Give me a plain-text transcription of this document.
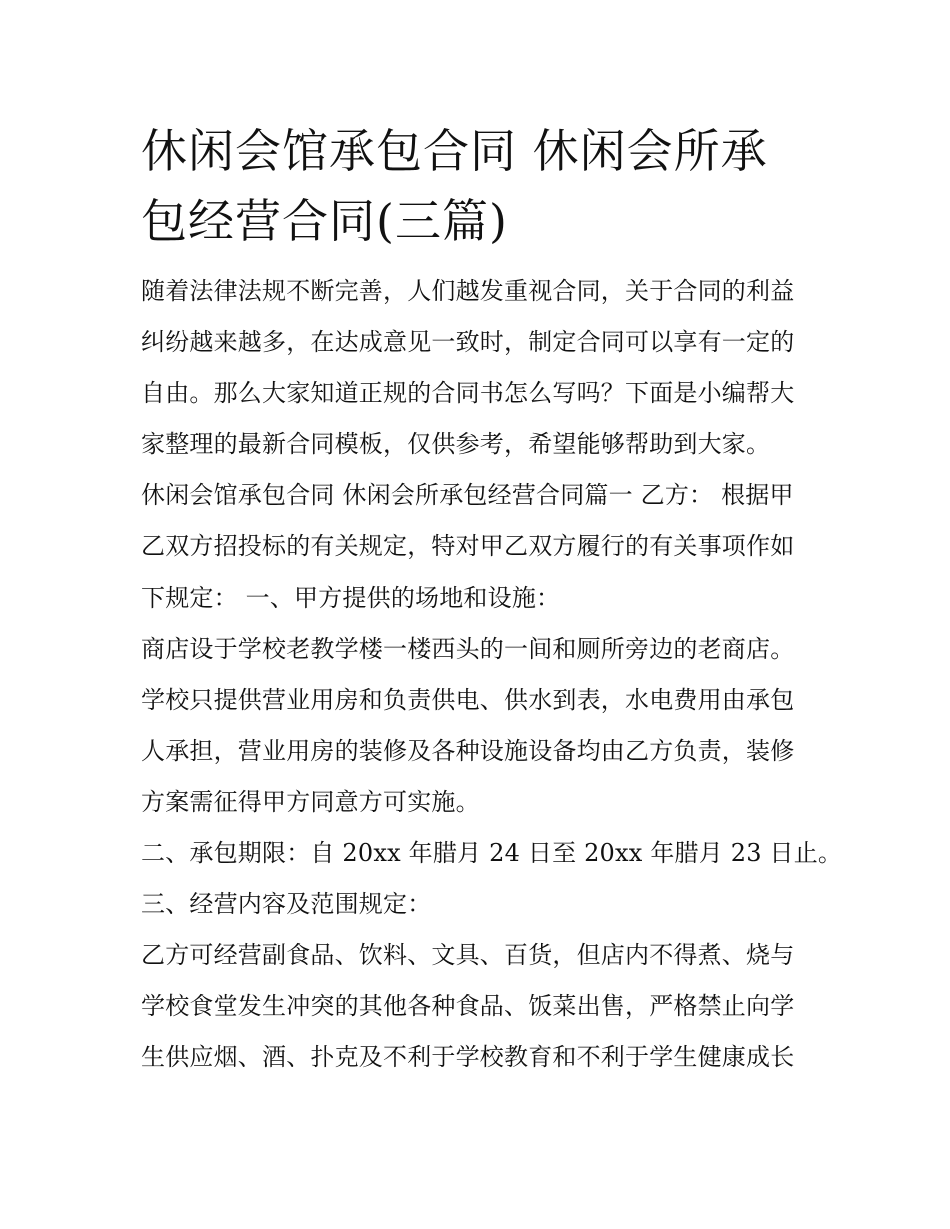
休闲会馆承包合同 休闲会所承
包经营合同(三篇)
随着法律法规不断完善，人们越发重视合同，关于合同的利益
纠纷越来越多，在达成意见一致时，制定合同可以享有一定的
自由。那么大家知道正规的合同书怎么写吗？下面是小编帮大
家整理的最新合同模板，仅供参考，希望能够帮助到大家。
休闲会馆承包合同 休闲会所承包经营合同篇一 乙方： 根据甲
乙双方招投标的有关规定，特对甲乙双方履行的有关事项作如
下规定： 一、甲方提供的场地和设施：
商店设于学校老教学楼一楼西头的一间和厕所旁边的老商店。
学校只提供营业用房和负责供电、供水到表，水电费用由承包
人承担，营业用房的装修及各种设施设备均由乙方负责，装修
方案需征得甲方同意方可实施。
二、承包期限：自 20xx 年腊月 24 日至 20xx 年腊月 23 日止。
三、经营内容及范围规定：
乙方可经营副食品、饮料、文具、百货，但店内不得煮、烧与
学校食堂发生冲突的其他各种食品、饭菜出售，严格禁止向学
生供应烟、酒、扑克及不利于学校教育和不利于学生健康成长
